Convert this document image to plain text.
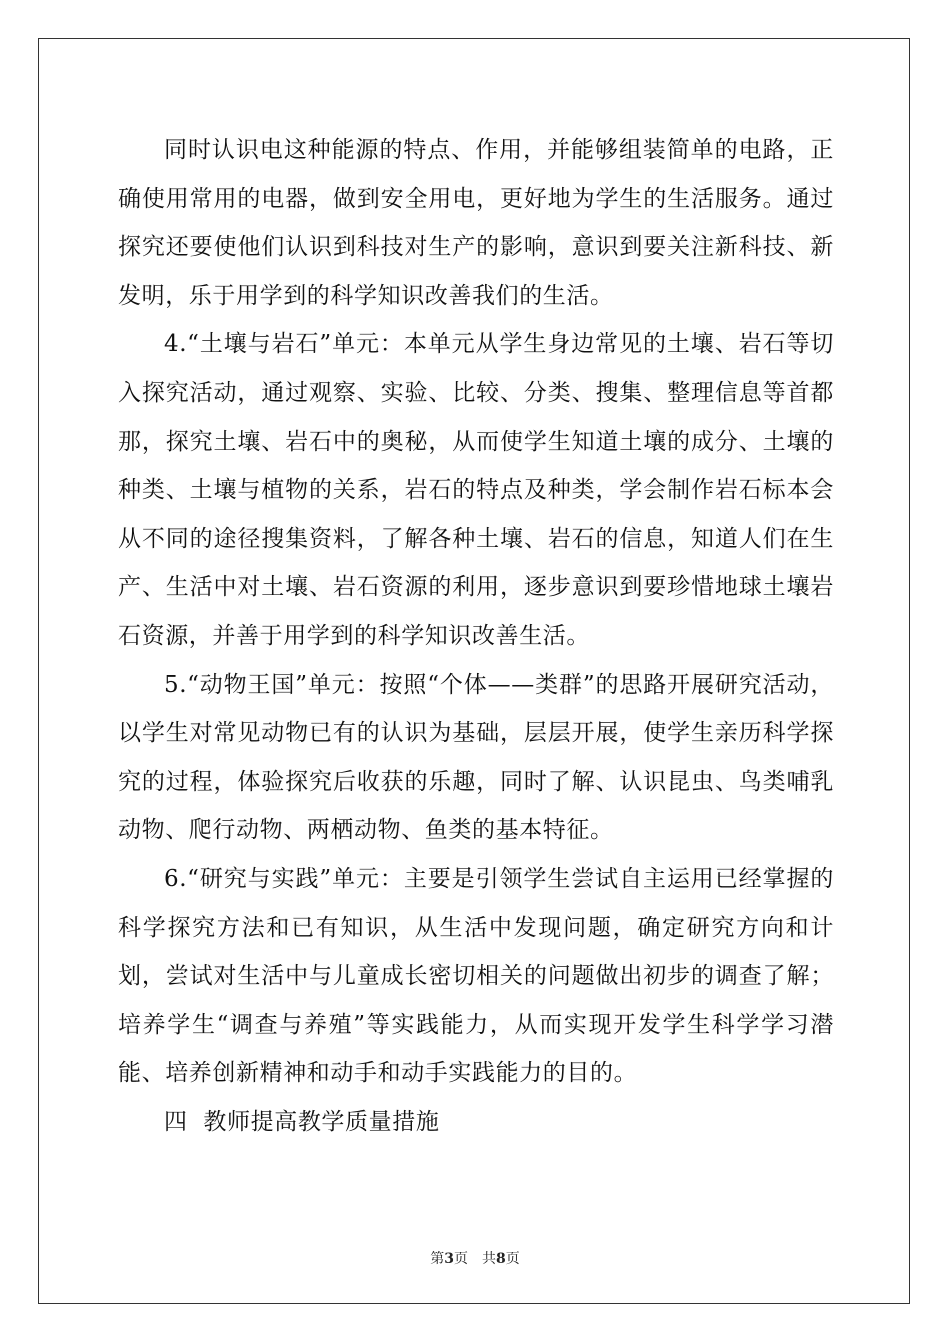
同时认识电这种能源的特点、作用，并能够组装简单的电路，正确使用常用的电器，做到安全用电，更好地为学生的生活服务。通过探究还要使他们认识到科技对生产的影响，意识到要关注新科技、新发明，乐于用学到的科学知识改善我们的生活。

4.“土壤与岩石”单元：本单元从学生身边常见的土壤、岩石等切入探究活动，通过观察、实验、比较、分类、搜集、整理信息等首都那，探究土壤、岩石中的奥秘，从而使学生知道土壤的成分、土壤的种类、土壤与植物的关系，岩石的特点及种类，学会制作岩石标本会从不同的途径搜集资料，了解各种土壤、岩石的信息，知道人们在生产、生活中对土壤、岩石资源的利用，逐步意识到要珍惜地球土壤岩石资源，并善于用学到的科学知识改善生活。

5.“动物王国”单元：按照“个体——类群”的思路开展研究活动，以学生对常见动物已有的认识为基础，层层开展，使学生亲历科学探究的过程，体验探究后收获的乐趣，同时了解、认识昆虫、鸟类哺乳动物、爬行动物、两栖动物、鱼类的基本特征。

6.“研究与实践”单元：主要是引领学生尝试自主运用已经掌握的科学探究方法和已有知识，从生活中发现问题，确定研究方向和计划，尝试对生活中与儿童成长密切相关的问题做出初步的调查了解；培养学生“调查与养殖”等实践能力，从而实现开发学生科学学习潜能、培养创新精神和动手和动手实践能力的目的。

四  教师提高教学质量措施

第3页 共8页
